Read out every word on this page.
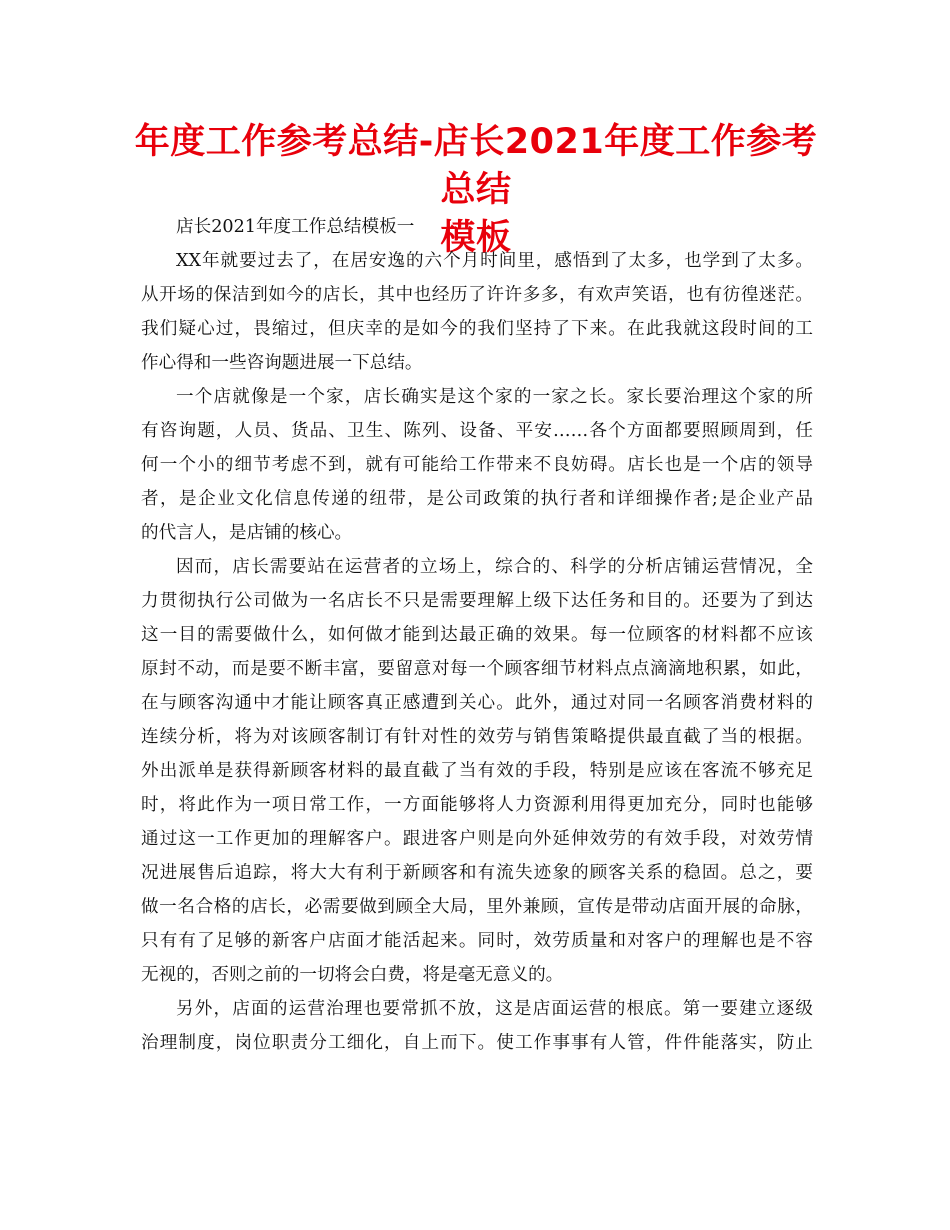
年度工作参考总结-店长2021年度工作参考总结
模板

店长2021年度工作总结模板一

XX年就要过去了，在居安逸的六个月时间里，感悟到了太多，也学到了太多。
从开场的保洁到如今的店长，其中也经历了许许多多，有欢声笑语，也有彷徨迷茫。
我们疑心过，畏缩过，但庆幸的是如今的我们坚持了下来。在此我就这段时间的工
作心得和一些咨询题进展一下总结。

一个店就像是一个家，店长确实是这个家的一家之长。家长要治理这个家的所
有咨询题，人员、货品、卫生、陈列、设备、平安……各个方面都要照顾周到，任
何一个小的细节考虑不到，就有可能给工作带来不良妨碍。店长也是一个店的领导
者，是企业文化信息传递的纽带，是公司政策的执行者和详细操作者;是企业产品
的代言人，是店铺的核心。

因而，店长需要站在运营者的立场上，综合的、科学的分析店铺运营情况，全
力贯彻执行公司做为一名店长不只是需要理解上级下达任务和目的。还要为了到达
这一目的需要做什么，如何做才能到达最正确的效果。每一位顾客的材料都不应该
原封不动，而是要不断丰富，要留意对每一个顾客细节材料点点滴滴地积累，如此，
在与顾客沟通中才能让顾客真正感遭到关心。此外，通过对同一名顾客消费材料的
连续分析，将为对该顾客制订有针对性的效劳与销售策略提供最直截了当的根据。
外出派单是获得新顾客材料的最直截了当有效的手段，特别是应该在客流不够充足
时，将此作为一项日常工作，一方面能够将人力资源利用得更加充分，同时也能够
通过这一工作更加的理解客户。跟进客户则是向外延伸效劳的有效手段，对效劳情
况进展售后追踪，将大大有利于新顾客和有流失迹象的顾客关系的稳固。总之，要
做一名合格的店长，必需要做到顾全大局，里外兼顾，宣传是带动店面开展的命脉，
只有有了足够的新客户店面才能活起来。同时，效劳质量和对客户的理解也是不容
无视的，否则之前的一切将会白费，将是毫无意义的。

另外，店面的运营治理也要常抓不放，这是店面运营的根底。第一要建立逐级
治理制度，岗位职责分工细化，自上而下。使工作事事有人管，件件能落实，防止
